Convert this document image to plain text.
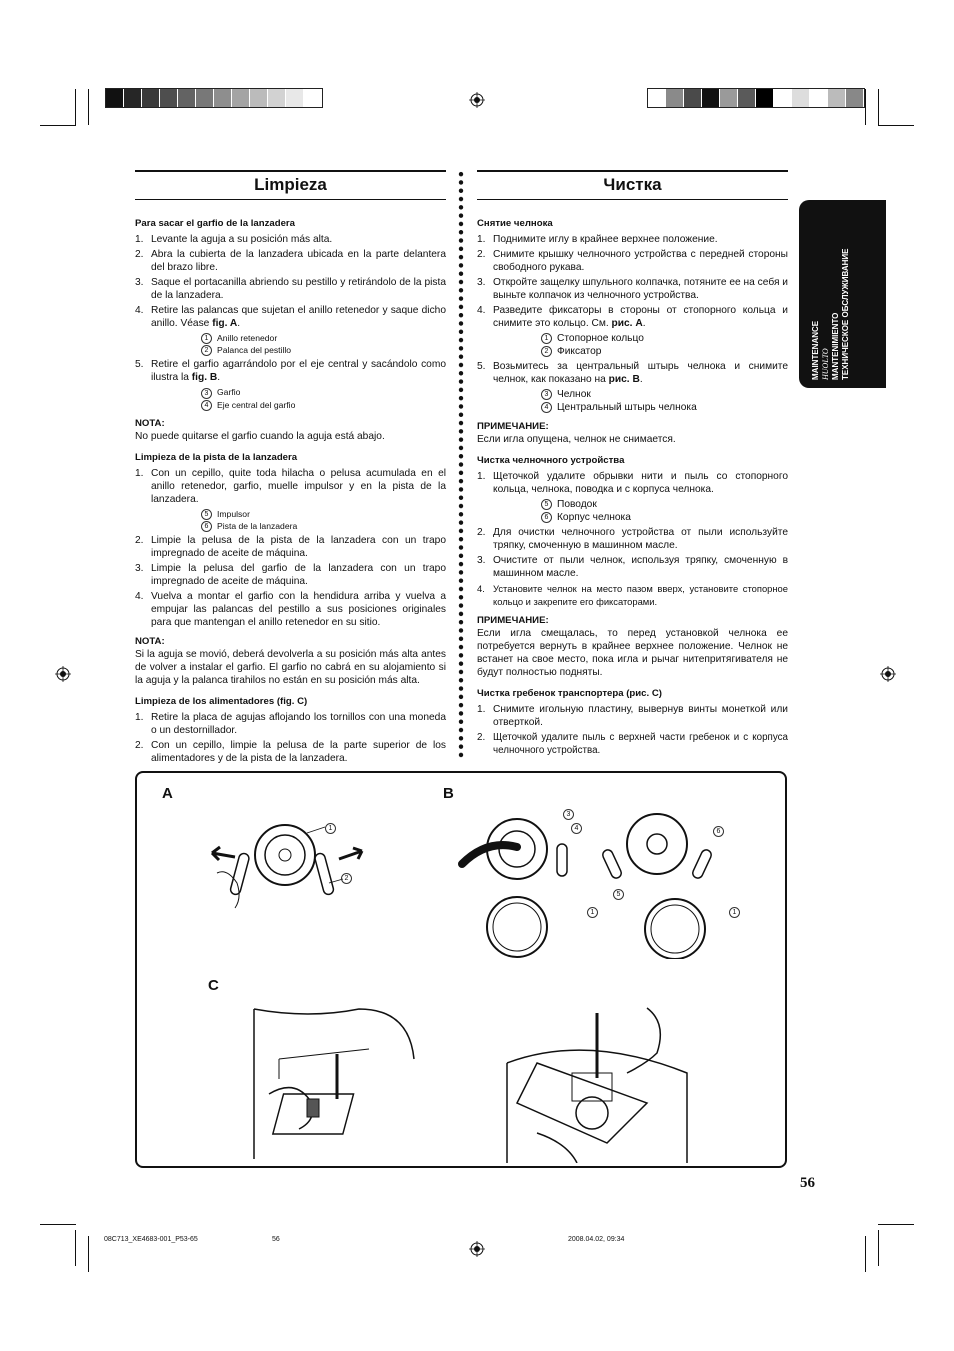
Limpieza	Чистка
Para sacar el garfio de la lanzadera
1. Levante la aguja a su posición más alta.
2. Abra la cubierta de la lanzadera ubicada en la parte delantera del brazo libre.
3. Saque el portacanilla abriendo su pestillo y retirándolo de la pista de la lanzadera.
4. Retire las palancas que sujetan el anillo retenedor y saque dicho anillo. Véase fig. A.
1 Anillo retenedor
2 Palanca del pestillo
5. Retire el garfio agarrándolo por el eje central y sacándolo como ilustra la fig. B.
3 Garfio
4 Eje central del garfio
NOTA:

No puede quitarse el garfio cuando la aguja está abajo.

Limpieza de la pista de la lanzadera
1. Con un cepillo, quite toda hilacha o pelusa acumulada en el anillo retenedor, garfio, muelle impulsor y en la pista de la lanzadera.
5 Impulsor
6 Pista de la lanzadera
2. Limpie la pelusa de la pista de la lanzadera con un trapo impregnado de aceite de máquina.
3. Limpie la pelusa del garfio de la lanzadera con un trapo impregnado de aceite de máquina.
4. Vuelva a montar el garfio con la hendidura arriba y vuelva a empujar las palancas del pestillo a sus posiciones originales para que mantengan el anillo retenedor en su sitio.
NOTA:

Si la aguja se movió, deberá devolverla a su posición más alta antes de volver a instalar el garfio. El garfio no cabrá en su alojamiento si la aguja y la palanca tirahilos no están en su posición más alta.

Limpieza de los alimentadores (fig. C)
1. Retire la placa de agujas aflojando los tornillos con una moneda o un destornillador.
2. Con un cepillo, limpie la pelusa de la parte superior de los alimentadores y de la pista de la lanzadera.
Снятие челнока
1. Поднимите иглу в крайнее верхнее положение.
2. Снимите крышку челночного устройства с передней стороны свободного рукава.
3. Откройте защелку шпульного колпачка, потяните ее на себя и выньте колпачок из челночного устройства.
4. Разведите фиксаторы в стороны от стопорного кольца и снимите это кольцо. См. рис. А.
1 Стопорное кольцо
2 Фиксатор
5. Возьмитесь за центральный штырь челнока и снимите челнок, как показано на рис. В.
3 Челнок
4 Центральный штырь челнока
ПРИМЕЧАНИЕ:

Если игла опущена, челнок не снимается.

Чистка челночного устройства
1. Щеточкой удалите обрывки нити и пыль со стопорного кольца, челнока, поводка и с корпуса челнока.
5 Поводок
6 Корпус челнока
2. Для очистки челночного устройства от пыли используйте тряпку, смоченную в машинном масле.
3. Очистите от пыли челнок, используя тряпку, смоченную в машинном масле.
4. Установите челнок на место пазом вверх, установите стопорное кольцо и закрепите его фиксаторами.
ПРИМЕЧАНИЕ:

Если игла смещалась, то перед установкой челнока ее потребуется вернуть в крайнее верхнее положение. Челнок не встанет на свое место, пока игла и рычаг нитепритягивателя не будут полностью подняты.

Чистка гребенок транспортера (рис. С)
1. Снимите игольную пластину, вывернув винты монеткой или отверткой.
2. Щеточкой удалите пыль с верхней части гребенок и с корпуса челночного устройства.
MAINTENANCE HUOLTO MANTENIMIENTO ТЕХНИЧЕСКОЕ ОБСЛУЖИВАНИЕ
A	B
C
1
2
3
4	6
5
1	1
56
08C713_XE4683-001_P53-65	56	2008.04.02, 09:34
